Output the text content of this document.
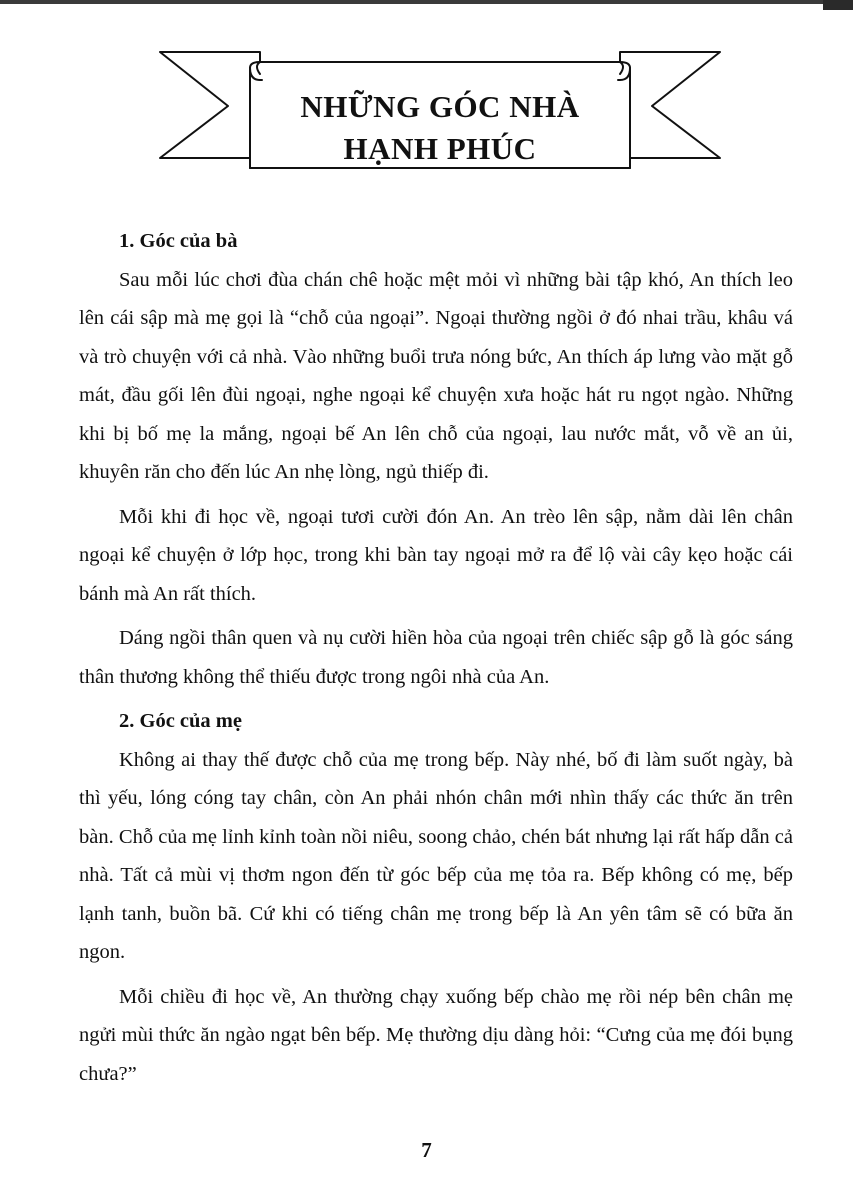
NHỮNG GÓC NHÀ
HẠNH PHÚC
1. Góc của bà

Sau mỗi lúc chơi đùa chán chê hoặc mệt mỏi vì những bài tập khó, An thích leo lên cái sập mà mẹ gọi là “chỗ của ngoại”. Ngoại thường ngồi ở đó nhai trầu, khâu vá và trò chuyện với cả nhà. Vào những buổi trưa nóng bức, An thích áp lưng vào mặt gỗ mát, đầu gối lên đùi ngoại, nghe ngoại kể chuyện xưa hoặc hát ru ngọt ngào. Những khi bị bố mẹ la mắng, ngoại bế An lên chỗ của ngoại, lau nước mắt, vỗ về an ủi, khuyên răn cho đến lúc An nhẹ lòng, ngủ thiếp đi.

Mỗi khi đi học về, ngoại tươi cười đón An. An trèo lên sập, nằm dài lên chân ngoại kể chuyện ở lớp học, trong khi bàn tay ngoại mở ra để lộ vài cây kẹo hoặc cái bánh mà An rất thích.

Dáng ngồi thân quen và nụ cười hiền hòa của ngoại trên chiếc sập gỗ là góc sáng thân thương không thể thiếu được trong ngôi nhà của An.

2. Góc của mẹ

Không ai thay thế được chỗ của mẹ trong bếp. Này nhé, bố đi làm suốt ngày, bà thì yếu, lóng cóng tay chân, còn An phải nhón chân mới nhìn thấy các thức ăn trên bàn. Chỗ của mẹ lỉnh kỉnh toàn nồi niêu, soong chảo, chén bát nhưng lại rất hấp dẫn cả nhà. Tất cả mùi vị thơm ngon đến từ góc bếp của mẹ tỏa ra. Bếp không có mẹ, bếp lạnh tanh, buồn bã. Cứ khi có tiếng chân mẹ trong bếp là An yên tâm sẽ có bữa ăn ngon.

Mỗi chiều đi học về, An thường chạy xuống bếp chào mẹ rồi nép bên chân mẹ ngửi mùi thức ăn ngào ngạt bên bếp. Mẹ thường dịu dàng hỏi: “Cưng của mẹ đói bụng chưa?”

7
